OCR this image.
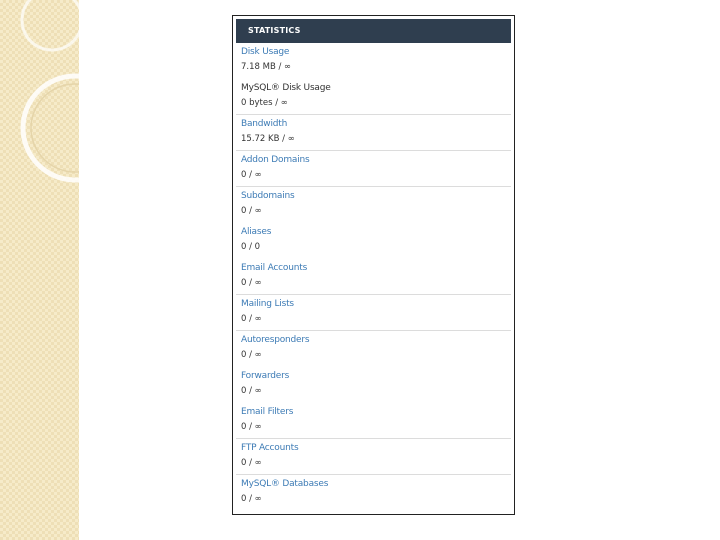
STATISTICS
Disk Usage
7.18 MB / ∞
MySQL® Disk Usage
0 bytes / ∞
Bandwidth
15.72 KB / ∞
Addon Domains
0 / ∞
Subdomains
0 / ∞
Aliases
0 / 0
Email Accounts
0 / ∞
Mailing Lists
0 / ∞
Autoresponders
0 / ∞
Forwarders
0 / ∞
Email Filters
0 / ∞
FTP Accounts
0 / ∞
MySQL® Databases
0 / ∞
